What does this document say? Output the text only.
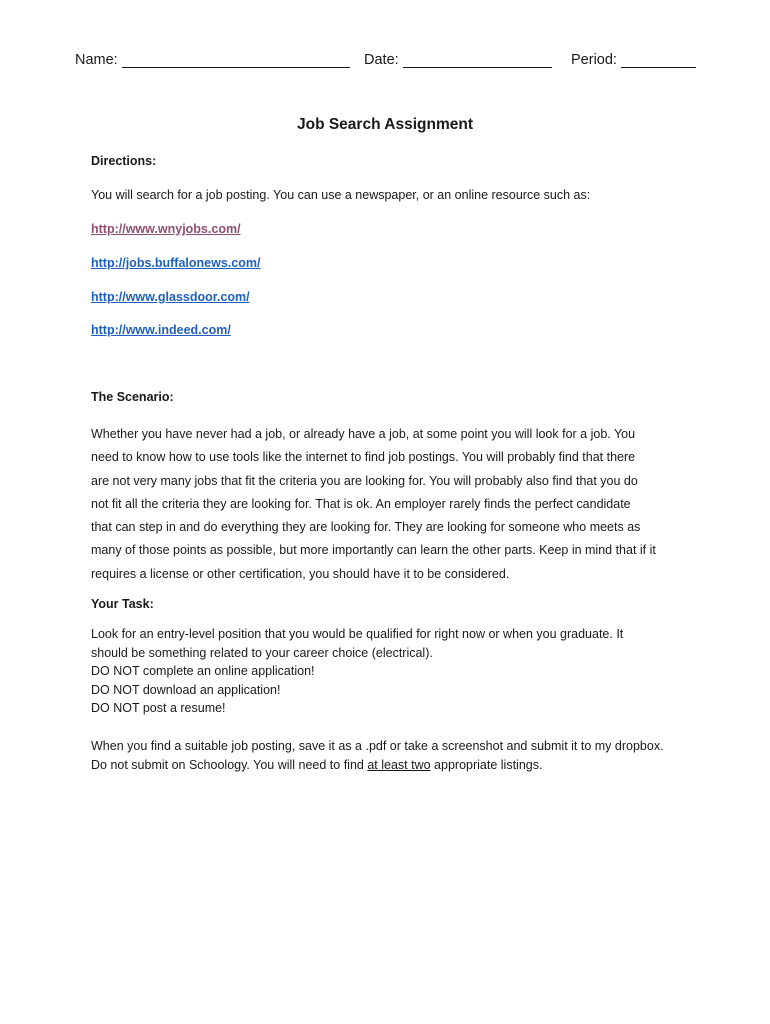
Name:	Date:	Period:
Job Search Assignment
Directions:
You will search for a job posting. You can use a newspaper, or an online resource such as:
http://www.wnyjobs.com/
http://jobs.buffalonews.com/
http://www.glassdoor.com/
http://www.indeed.com/
The Scenario:
Whether you have never had a job, or already have a job, at some point you will look for a job. You
need to know how to use tools like the internet to find job postings. You will probably find that there
are not very many jobs that fit the criteria you are looking for. You will probably also find that you do
not fit all the criteria they are looking for. That is ok. An employer rarely finds the perfect candidate
that can step in and do everything they are looking for. They are looking for someone who meets as
many of those points as possible, but more importantly can learn the other parts. Keep in mind that if it
requires a license or other certification, you should have it to be considered.
Your Task:
Look for an entry-level position that you would be qualified for right now or when you graduate. It
should be something related to your career choice (electrical).
DO NOT complete an online application!
DO NOT download an application!
DO NOT post a resume!
When you find a suitable job posting, save it as a .pdf or take a screenshot and submit it to my dropbox.
Do not submit on Schoology. You will need to find at least two appropriate listings.
